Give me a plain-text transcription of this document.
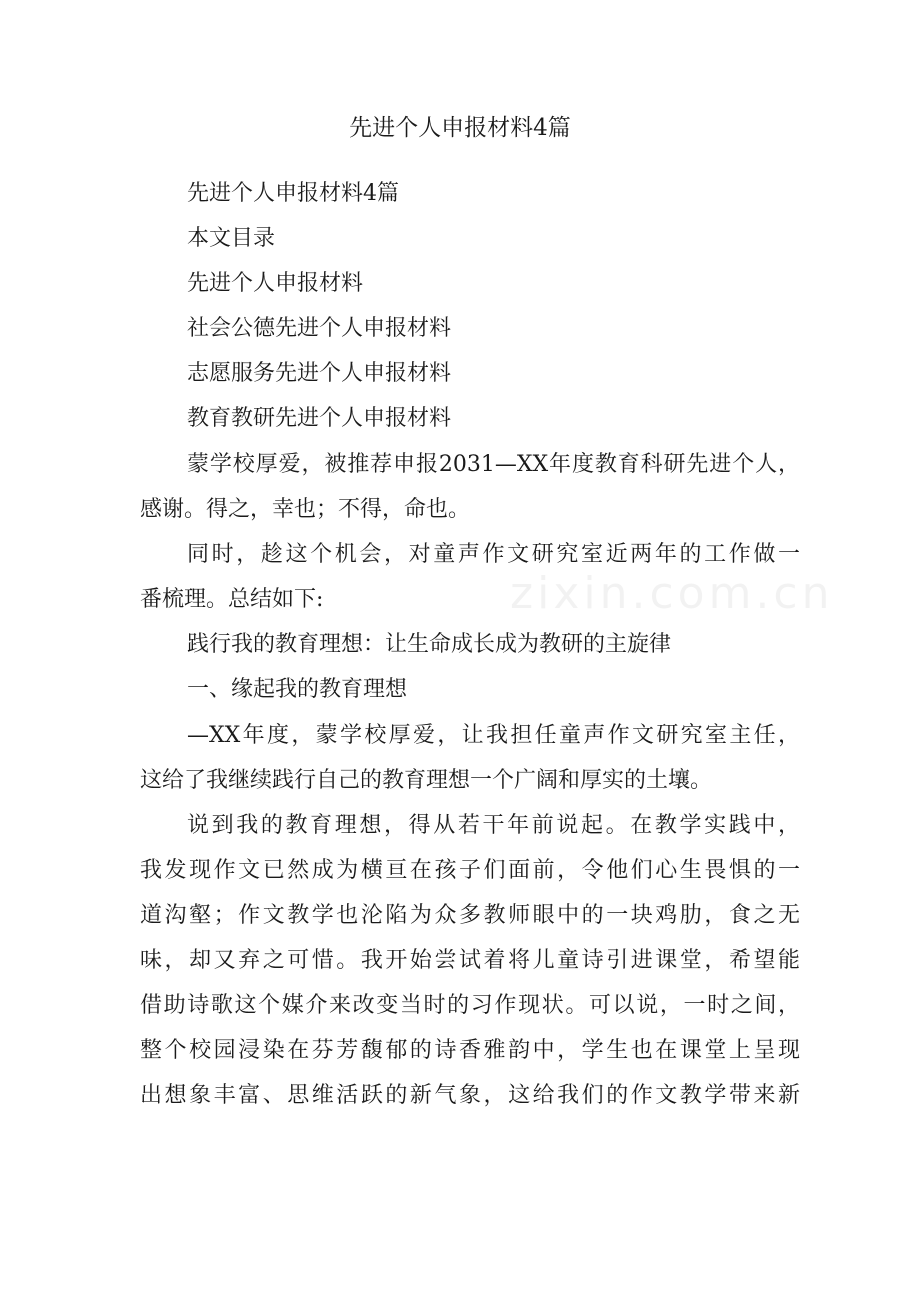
先进个人申报材料4篇
先进个人申报材料4篇
本文目录
先进个人申报材料
社会公德先进个人申报材料
志愿服务先进个人申报材料
教育教研先进个人申报材料
蒙学校厚爱，被推荐申报2031—XX年度教育科研先进个人，
感谢。得之，幸也；不得，命也。
同时，趁这个机会，对童声作文研究室近两年的工作做一
番梳理。总结如下:
践行我的教育理想：让生命成长成为教研的主旋律
一、缘起我的教育理想
—XX年度，蒙学校厚爱，让我担任童声作文研究室主任，
这给了我继续践行自己的教育理想一个广阔和厚实的土壤。
说到我的教育理想，得从若干年前说起。在教学实践中，
我发现作文已然成为横亘在孩子们面前，令他们心生畏惧的一
道沟壑；作文教学也沦陷为众多教师眼中的一块鸡肋，食之无
味，却又弃之可惜。我开始尝试着将儿童诗引进课堂，希望能
借助诗歌这个媒介来改变当时的习作现状。可以说，一时之间，
整个校园浸染在芬芳馥郁的诗香雅韵中，学生也在课堂上呈现
出想象丰富、思维活跃的新气象，这给我们的作文教学带来新
zixin.com.cn
